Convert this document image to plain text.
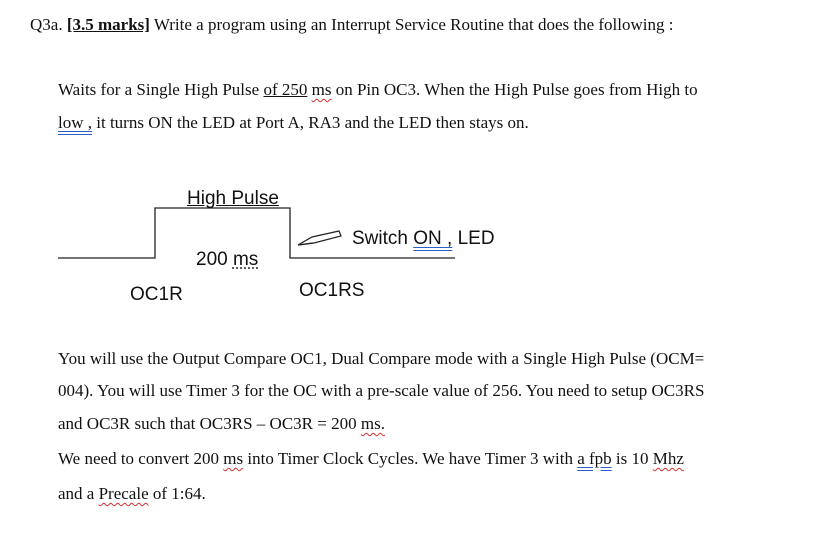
Q3a. [3.5 marks] Write a program using an Interrupt Service Routine that does the following :
Waits for a Single High Pulse of 250 ms on Pin OC3. When the High Pulse goes from High to
low , it turns ON the LED at Port A, RA3 and the LED then stays on.
High Pulse
200 ms
Switch ON , LED
OC1R	OC1RS
You will use the Output Compare OC1, Dual Compare mode with a Single High Pulse (OCM=
004). You will use Timer 3 for the OC with a pre-scale value of 256. You need to setup OC3RS
and OC3R such that OC3RS – OC3R = 200 ms.
We need to convert 200 ms into Timer Clock Cycles. We have Timer 3 with a fpb is 10 Mhz
and a Precale of 1:64.
